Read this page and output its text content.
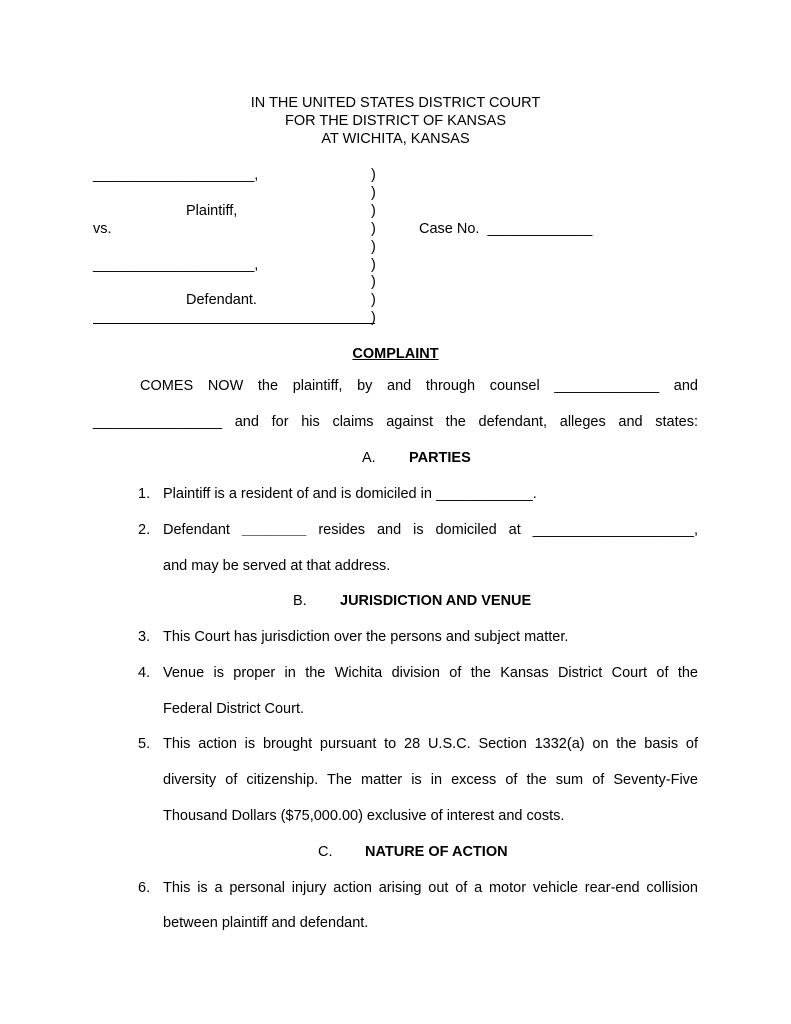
IN THE UNITED STATES DISTRICT COURT
FOR THE DISTRICT OF KANSAS
AT WICHITA, KANSAS
____________________,
Plaintiff,
vs.
____________________,
Defendant.
)
)
)
)
)
)
)
)
)
Case No. _____________
COMPLAINT
COMES NOW the plaintiff, by and through counsel _____________ and
________________ and for his claims against the defendant, alleges and states:
A. PARTIES
1. Plaintiff is a resident of and is domiciled in ____________.
2. Defendant ________ resides and is domiciled at ____________________,
and may be served at that address.
B. JURISDICTION AND VENUE
3. This Court has jurisdiction over the persons and subject matter.
4. Venue is proper in the Wichita division of the Kansas District Court of the
Federal District Court.
5. This action is brought pursuant to 28 U.S.C. Section 1332(a) on the basis of
diversity of citizenship. The matter is in excess of the sum of Seventy-Five
Thousand Dollars ($75,000.00) exclusive of interest and costs.
C. NATURE OF ACTION
6. This is a personal injury action arising out of a motor vehicle rear-end collision
between plaintiff and defendant.
